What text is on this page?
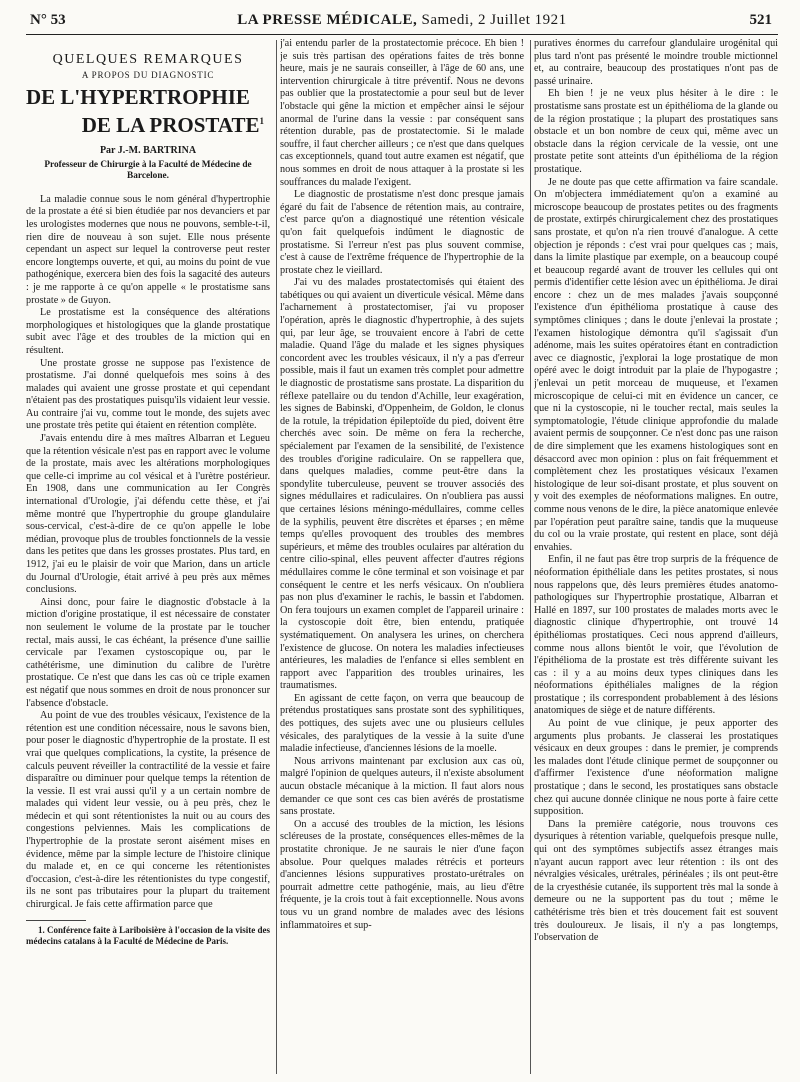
N° 53	LA PRESSE MÉDICALE, Samedi, 2 Juillet 1921	521
QUELQUES REMARQUES
A PROPOS DU DIAGNOSTIC
DE L'HYPERTROPHIE
DE LA PROSTATE$^1$
Par J.-M. BARTRINA
Professeur de Chirurgie à la Faculté de Médecine de Barcelone.

La maladie connue sous le nom général d'hypertrophie de la prostate a été si bien étudiée par nos devanciers et par les urologistes modernes que nous ne pouvons, semble-t-il, rien dire de nouveau à son sujet. Elle nous présente cependant un aspect sur lequel la controverse peut rester encore longtemps ouverte, et qui, au moins du point de vue pathogénique, exercera bien des fois la sagacité des auteurs : je me rapporte à ce qu'on appelle « le prostatisme sans prostate » de Guyon.

Le prostatisme est la conséquence des altérations morphologiques et histologiques que la glande prostatique subit avec l'âge et des troubles de la miction qui en résultent.

Une prostate grosse ne suppose pas l'existence de prostatisme. J'ai donné quelquefois mes soins à des malades qui avaient une grosse prostate et qui cependant n'étaient pas des prostatiques puisqu'ils vidaient leur vessie. Au contraire j'ai vu, comme tout le monde, des sujets avec une prostate très petite qui étaient en rétention complète.

J'avais entendu dire à mes maîtres Albarran et Legueu que la rétention vésicale n'est pas en rapport avec le volume de la prostate, mais avec les altérations morphologiques que celle-ci imprime au col vésical et à l'urètre postérieur. En 1908, dans une communication au Ier Congrès international d'Urologie, j'ai défendu cette thèse, et j'ai même montré que l'hypertrophie du groupe glandulaire sous-cervical, c'est-à-dire de ce qu'on appelle le lobe médian, provoque plus de troubles fonctionnels de la vessie dans les petites que dans les grosses prostates. Plus tard, en 1912, j'ai eu le plaisir de voir que Marion, dans un article du Journal d'Urologie, était arrivé à peu près aux mêmes conclusions.

Ainsi donc, pour faire le diagnostic d'obstacle à la miction d'origine prostatique, il est nécessaire de constater non seulement le volume de la prostate par le toucher rectal, mais aussi, le cas échéant, la présence d'une saillie cervicale par l'examen cystoscopique ou, par le cathétérisme, une diminution du calibre de l'urètre prostatique. Ce n'est que dans les cas où ce triple examen est négatif que nous sommes en droit de nous prononcer sur l'absence d'obstacle.

Au point de vue des troubles vésicaux, l'existence de la rétention est une condition nécessaire, nous le savons bien, pour poser le diagnostic d'hypertrophie de la prostate. Il est vrai que quelques complications, la cystite, la présence de calculs peuvent réveiller la contractilité de la vessie et faire disparaître ou diminuer pour quelque temps la rétention de la vessie. Il est vrai aussi qu'il y a un certain nombre de malades qui vident leur vessie, ou à peu près, chez le médecin et qui sont rétentionistes la nuit ou au cours des congestions pelviennes. Mais les complications de l'hypertrophie de la prostate seront aisément mises en évidence, même par la simple lecture de l'histoire clinique du malade et, en ce qui concerne les rétentionistes d'occasion, c'est-à-dire les rétentionistes du type congestif, ils ne sont pas tributaires pour la plupart du traitement chirurgical. Je fais cette affirmation parce que

1. Conférence faite à Lariboisière à l'occasion de la visite des médecins catalans à la Faculté de Médecine de Paris.

j'ai entendu parler de la prostatectomie précoce. Eh bien ! je suis très partisan des opérations faites de très bonne heure, mais je ne saurais conseiller, à l'âge de 60 ans, une intervention chirurgicale à titre préventif. Nous ne devons pas oublier que la prostatectomie a pour seul but de lever l'obstacle qui gêne la miction et empêcher ainsi le séjour anormal de l'urine dans la vessie : par conséquent sans rétention durable, pas de prostatectomie. Si le malade souffre, il faut chercher ailleurs ; ce n'est que dans quelques cas exceptionnels, quand tout autre examen est négatif, que nous sommes en droit de nous attaquer à la prostate si les souffrances du malade l'exigent.

Le diagnostic de prostatisme n'est donc presque jamais égaré du fait de l'absence de rétention mais, au contraire, c'est parce qu'on a diagnostiqué une rétention vésicale qu'on fait quelquefois indûment le diagnostic de prostatisme. Si l'erreur n'est pas plus souvent commise, c'est à cause de l'extrême fréquence de l'hypertrophie de la prostate chez le vieillard.

J'ai vu des malades prostatectomisés qui étaient des tabétiques ou qui avaient un diverticule vésical. Même dans l'acharnement à prostatectomiser, j'ai vu proposer l'opération, après le diagnostic d'hypertrophie, à des sujets qui, par leur âge, se trouvaient encore à l'abri de cette maladie. Quand l'âge du malade et les signes physiques concordent avec les troubles vésicaux, il n'y a pas d'erreur possible, mais il faut un examen très complet pour admettre le diagnostic de prostatisme sans prostate. La disparition du réflexe patellaire ou du tendon d'Achille, leur exagération, les signes de Babinski, d'Oppenheim, de Goldon, le clonus de la rotule, la trépidation épileptoïde du pied, doivent être cherchés avec soin. De même on fera la recherche, spécialement par l'examen de la sensibilité, de l'existence des troubles d'origine radiculaire. On se rappellera que, dans quelques maladies, comme peut-être dans la spondylite tuberculeuse, peuvent se trouver associés des signes médullaires et radiculaires. On n'oubliera pas aussi que certaines lésions méningo-médullaires, comme celles de la syphilis, peuvent être discrètes et éparses ; en même temps qu'elles provoquent des troubles des membres supérieurs, et même des troubles oculaires par altération du centre cilio-spinal, elles peuvent affecter d'autres régions médullaires comme le cône terminal et son voisinage et par conséquent le centre et les nerfs vésicaux. On n'oubliera pas non plus d'examiner le rachis, le bassin et l'abdomen. On fera toujours un examen complet de l'appareil urinaire : la cystoscopie doit être, bien entendu, pratiquée systématiquement. On analysera les urines, on cherchera l'existence de glucose. On notera les maladies infectieuses antérieures, les maladies de l'enfance si elles semblent en rapport avec l'apparition des troubles urinaires, les traumatismes.

En agissant de cette façon, on verra que beaucoup de prétendus prostatiques sans prostate sont des syphilitiques, des pottiques, des sujets avec une ou plusieurs cellules vésicales, des paralytiques de la vessie à la suite d'une maladie infectieuse, d'anciennes lésions de la moelle.

Nous arrivons maintenant par exclusion aux cas où, malgré l'opinion de quelques auteurs, il n'existe absolument aucun obstacle mécanique à la miction. Il faut alors nous demander ce que sont ces cas bien avérés de prostatisme sans prostate.

On a accusé des troubles de la miction, les lésions scléreuses de la prostate, conséquences elles-mêmes de la prostatite chronique. Je ne saurais le nier d'une façon absolue. Pour quelques malades rétrécis et porteurs d'anciennes lésions suppuratives prostato-urétrales on pourrait admettre cette pathogénie, mais, au lieu d'être fréquente, je la crois tout à fait exceptionnelle. Nous avons tous vu un grand nombre de malades avec des lésions inflammatoires et sup-

puratives énormes du carrefour glandulaire urogénital qui plus tard n'ont pas présenté le moindre trouble mictionnel et, au contraire, beaucoup des prostatiques n'ont pas de passé urinaire.

Eh bien ! je ne veux plus hésiter à le dire : le prostatisme sans prostate est un épithélioma de la glande ou de la région prostatique ; la plupart des prostatiques sans obstacle et un bon nombre de ceux qui, même avec un obstacle dans la région cervicale de la vessie, ont une prostate petite sont atteints d'un épithélioma de la région prostatique.

Je ne doute pas que cette affirmation va faire scandale. On m'objectera immédiatement qu'on a examiné au microscope beaucoup de prostates petites ou des fragments de prostate, extirpés chirurgicalement chez des prostatiques sans prostate, et qu'on n'a rien trouvé d'analogue. A cette objection je réponds : c'est vrai pour quelques cas ; mais, dans la limite plastique par exemple, on a beaucoup coupé et beaucoup regardé avant de trouver les cellules qui ont permis d'identifier cette lésion avec un épithélioma. Je dirai encore : chez un de mes malades j'avais soupçonné l'existence d'un épithélioma prostatique à cause des symptômes cliniques ; dans le doute j'enlevai la prostate ; l'examen histologique démontra qu'il s'agissait d'un adénome, mais les suites opératoires étant en contradiction avec ce diagnostic, j'explorai la loge prostatique de mon opéré avec le doigt introduit par la plaie de l'hypogastre ; j'enlevai un petit morceau de muqueuse, et l'examen microscopique de celui-ci mit en évidence un cancer, ce que ni la cystoscopie, ni le toucher rectal, mais seules la symptomatologie, l'étude clinique approfondie du malade avaient permis de soupçonner. Ce n'est donc pas une raison de dire simplement que les examens histologiques sont en désaccord avec mon opinion : plus on fait fréquemment et complètement chez les prostatiques vésicaux l'examen histologique de leur soi-disant prostate, et plus souvent on y voit des exemples de néoformations malignes. En outre, comme nous venons de le dire, la pièce anatomique enlevée par l'opération peut paraître saine, tandis que la muqueuse du col ou la vraie prostate, qui restent en place, sont déjà envahies.

Enfin, il ne faut pas être trop surpris de la fréquence de néoformation épithéliale dans les petites prostates, si nous nous rappelons que, dès leurs premières études anatomo-pathologiques sur l'hypertrophie prostatique, Albarran et Hallé en 1897, sur 100 prostates de malades morts avec le diagnostic clinique d'hypertrophie, ont trouvé 14 épithéliomas prostatiques. Ceci nous apprend d'ailleurs, comme nous allons bientôt le voir, que l'évolution de l'épithélioma de la prostate est très différente suivant les cas : il y a au moins deux types cliniques dans les néoformations épithéliales malignes de la région prostatique ; ils correspondent probablement à des lésions anatomiques de siège et de nature différents.

Au point de vue clinique, je peux apporter des arguments plus probants. Je classerai les prostatiques vésicaux en deux groupes : dans le premier, je comprends les malades dont l'étude clinique permet de soupçonner ou d'affirmer l'existence d'une néoformation maligne prostatique ; dans le second, les prostatiques sans obstacle chez qui aucune donnée clinique ne nous porte à faire cette supposition.

Dans la première catégorie, nous trouvons ces dysuriques à rétention variable, quelquefois presque nulle, qui ont des symptômes subjectifs assez étranges mais n'ayant aucun rapport avec leur rétention : ils ont des névralgies vésicales, urétrales, périnéales ; ils ont peut-être de la cryesthésie cutanée, ils supportent très mal la sonde à demeure ou ne la supportent pas du tout ; même le cathétérisme très bien et très doucement fait est souvent très douloureux. Je lisais, il n'y a pas longtemps, l'observation de
